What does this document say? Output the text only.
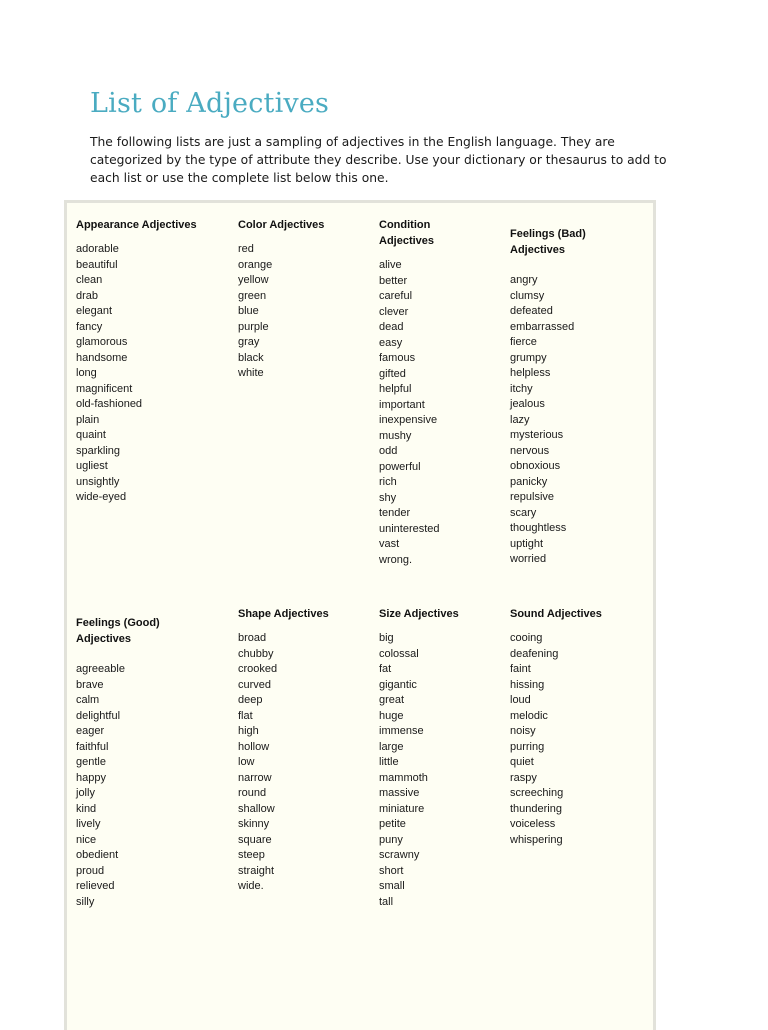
List of Adjectives

The following lists are just a sampling of adjectives in the English language. They are categorized by the type of attribute they describe. Use your dictionary or thesaurus to add to each list or use the complete list below this one.

Appearance Adjectives
adorable
beautiful
clean
drab
elegant
fancy
glamorous
handsome
long
magnificent
old-fashioned
plain
quaint
sparkling
ugliest
unsightly
wide-eyed
Color Adjectives
red
orange
yellow
green
blue
purple
gray
black
white
Condition Adjectives
alive
better
careful
clever
dead
easy
famous
gifted
helpful
important
inexpensive
mushy
odd
powerful
rich
shy
tender
uninterested
vast
wrong.
Feelings (Bad) Adjectives
angry
clumsy
defeated
embarrassed
fierce
grumpy
helpless
itchy
jealous
lazy
mysterious
nervous
obnoxious
panicky
repulsive
scary
thoughtless
uptight
worried
Feelings (Good) Adjectives
agreeable
brave
calm
delightful
eager
faithful
gentle
happy
jolly
kind
lively
nice
obedient
proud
relieved
silly
Shape Adjectives
broad
chubby
crooked
curved
deep
flat
high
hollow
low
narrow
round
shallow
skinny
square
steep
straight
wide.
Size Adjectives
big
colossal
fat
gigantic
great
huge
immense
large
little
mammoth
massive
miniature
petite
puny
scrawny
short
small
tall
Sound Adjectives
cooing
deafening
faint
hissing
loud
melodic
noisy
purring
quiet
raspy
screeching
thundering
voiceless
whispering
